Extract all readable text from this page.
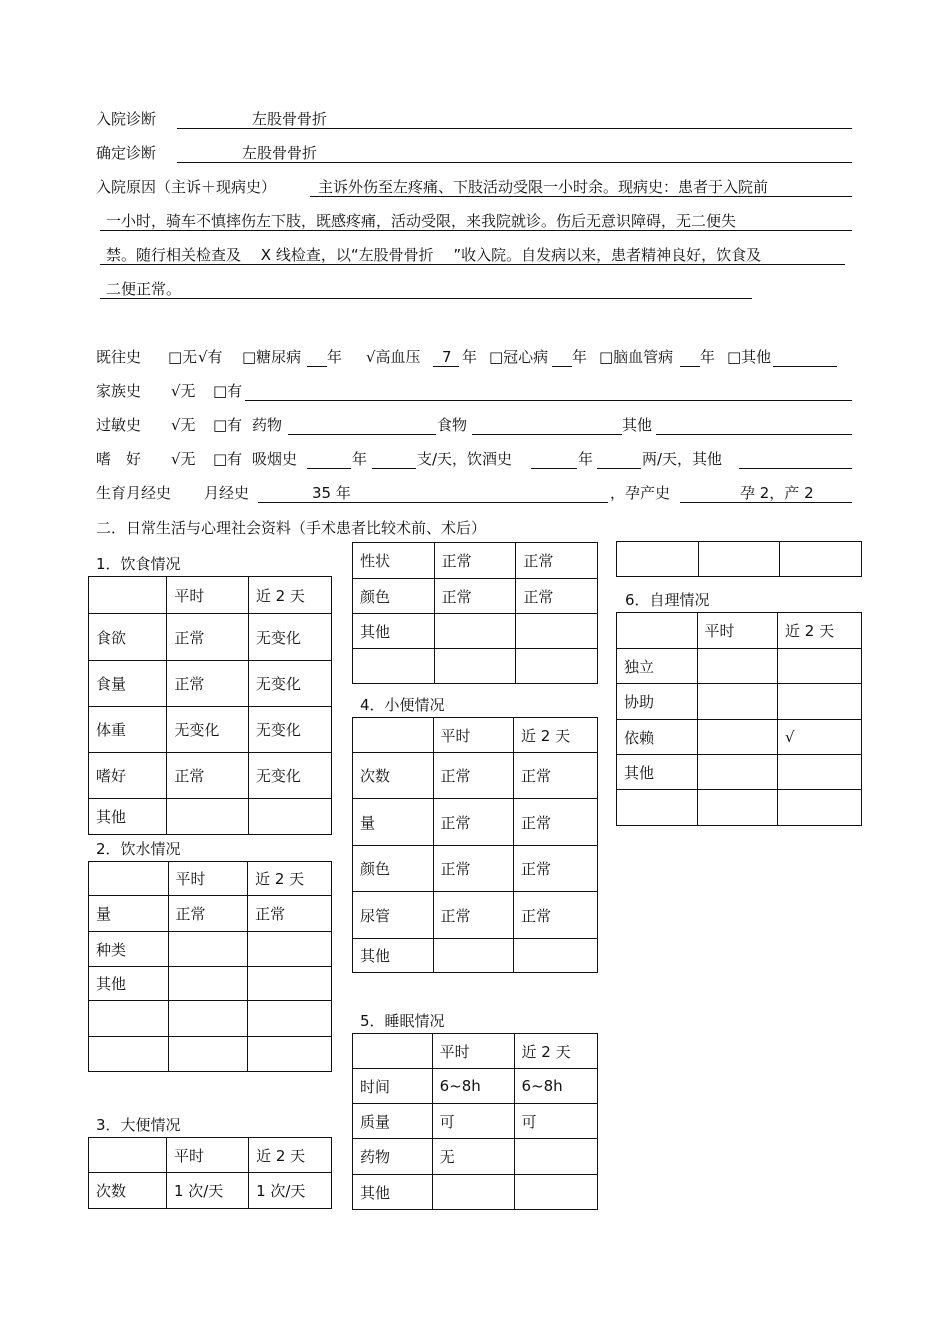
入院诊断	左股骨骨折
确定诊断	左股骨骨折
入院原因（主诉＋现病史）	主诉外伤至左疼痛、下肢活动受限一小时余。现病史：患者于入院前
一小时，骑车不慎摔伤左下肢，既感疼痛，活动受限，来我院就诊。伤后无意识障碍，无二便失
禁。随行相关检查及　 X 线检查，以“左股骨骨折　 ”收入院。自发病以来，患者精神良好，饮食及
二便正常。
既往史 □无 √有 □糖尿病 年 √高血压 7 年 □冠心病 年 □脑血管病 年 □其他
家族史 √无 □有
过敏史 √无 □有 药物	食物	其他
嗜　好 √无 □有 吸烟史	年	支/天，饮酒史	年	两/天，其他
生育月经史 月经史	35 年	，孕产史	孕 2，产 2
二．日常生活与心理社会资料（手术患者比较术前、术后）
1．饮食情况
2．饮水情况
3．大便情况
4．小便情况
5．睡眠情况
6．自理情况
	平时	近 2 天
食欲	正常	无变化
食量	正常	无变化
体重	无变化	无变化
嗜好	正常	无变化
其他		
	平时	近 2 天
量	正常	正常
种类		
其他		

	平时	近 2 天
次数	1 次/天	1 次/天
性状	正常	正常
颜色	正常	正常
其他		

	平时	近 2 天
次数	正常	正常
量	正常	正常
颜色	正常	正常
尿管	正常	正常
其他		
	平时	近 2 天
时间	6~8h	6~8h
质量	可	可
药物	无	
其他		

	平时	近 2 天
独立		
协助		
依赖		√
其他		
